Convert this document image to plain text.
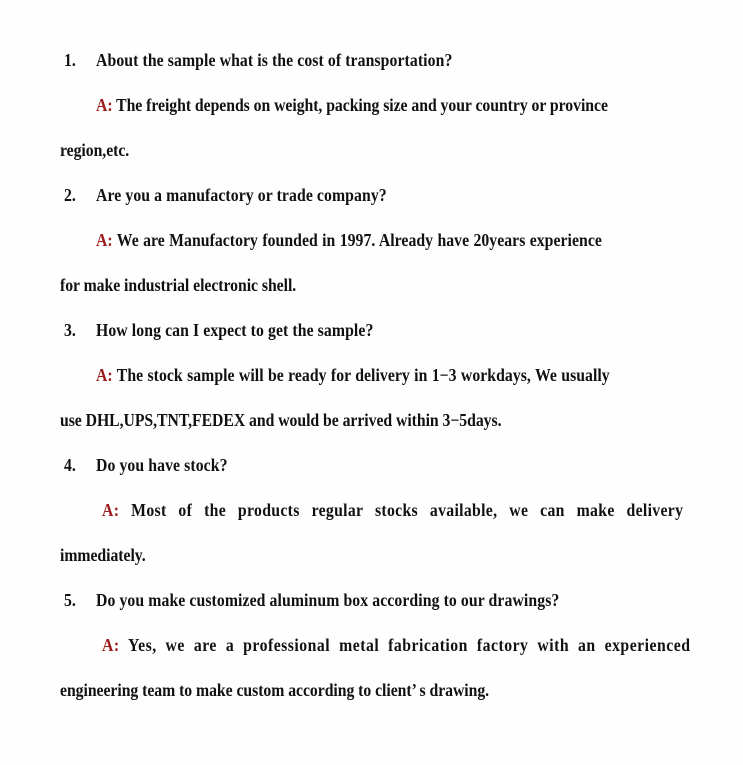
1.	About the sample what is the cost of transportation?
A: The freight depends on weight, packing size and your country or province
region,etc.
2.	Are you a manufactory or trade company?
A: We are Manufactory founded in 1997. Already have 20years experience
for make industrial electronic shell.
3.	How long can I expect to get the sample?
A: The stock sample will be ready for delivery in 1−3 workdays, We usually
use DHL,UPS,TNT,FEDEX and would be arrived within 3−5days.
4.	Do you have stock?
A: Most of the products regular stocks available, we can make delivery
immediately.
5.	Do you make customized aluminum box according to our drawings?
A: Yes, we are a professional metal fabrication factory with an experienced
engineering team to make custom according to client’ s drawing.
